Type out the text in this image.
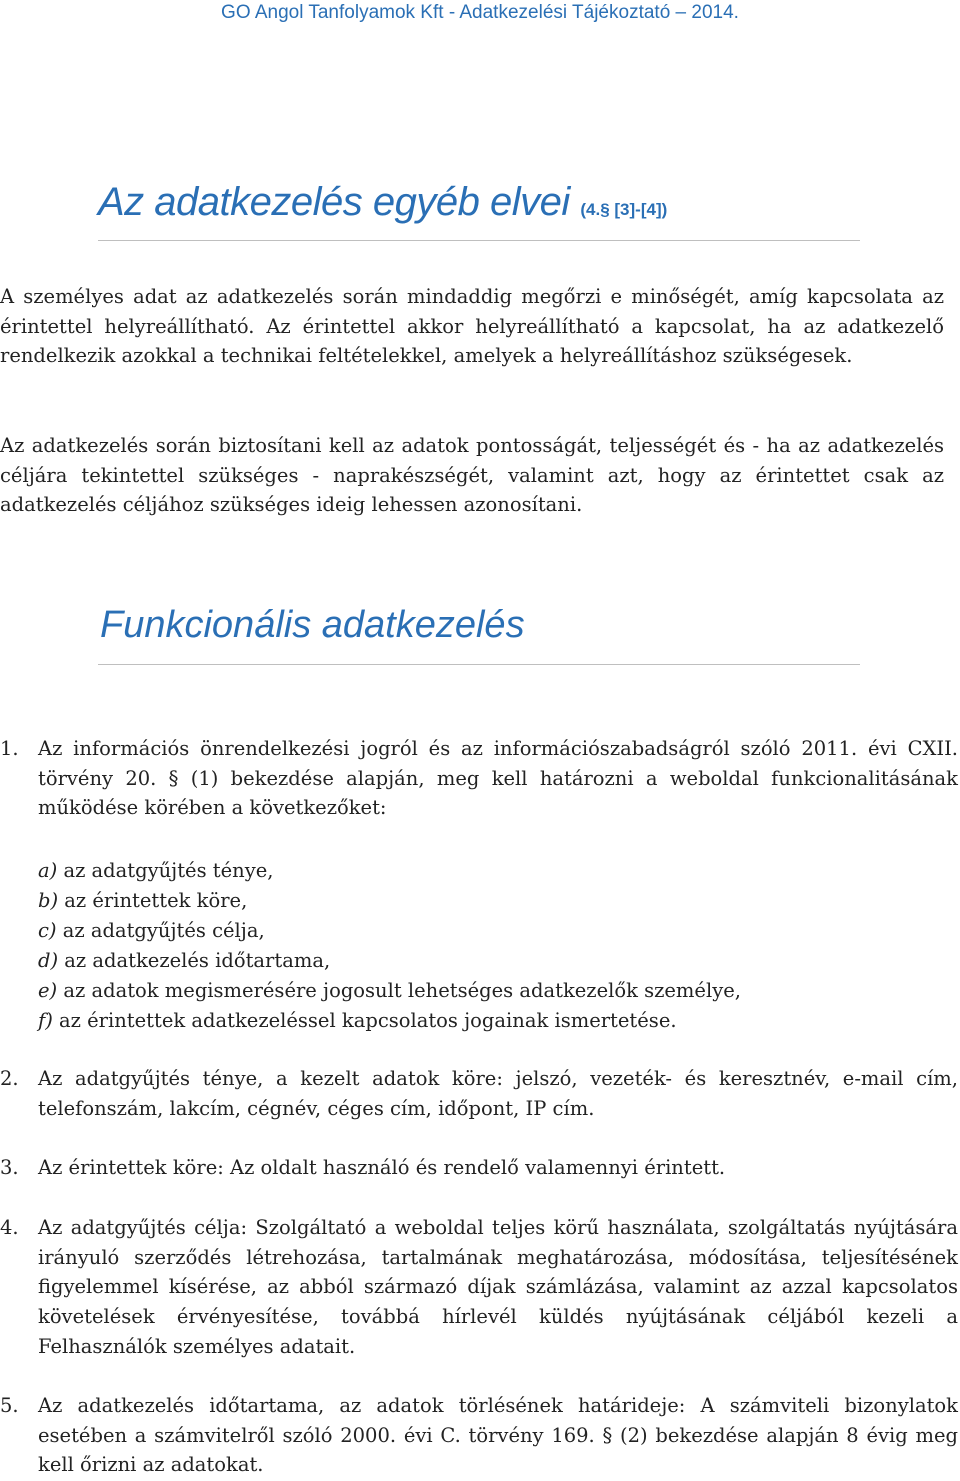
GO Angol Tanfolyamok Kft - Adatkezelési Tájékoztató – 2014.
Az adatkezelés egyéb elvei (4.§ [3]-[4])

A személyes adat az adatkezelés során mindaddig megőrzi e minőségét, amíg kapcsolata az érintettel helyreállítható. Az érintettel akkor helyreállítható a kapcsolat, ha az adatkezelő rendelkezik azokkal a technikai feltételekkel, amelyek a helyreállításhoz szükségesek.

Az adatkezelés során biztosítani kell az adatok pontosságát, teljességét és - ha az adatkezelés céljára tekintettel szükséges - naprakészségét, valamint azt, hogy az érintettet csak az adatkezelés céljához szükséges ideig lehessen azonosítani.

Funkcionális adatkezelés
1. Az információs önrendelkezési jogról és az információszabadságról szóló 2011. évi CXII. törvény 20. § (1) bekezdése alapján, meg kell határozni a weboldal funkcionalitásának működése körében a következőket:

a) az adatgyűjtés ténye,
b) az érintettek köre,
c) az adatgyűjtés célja,
d) az adatkezelés időtartama,
e) az adatok megismerésére jogosult lehetséges adatkezelők személye,
f) az érintettek adatkezeléssel kapcsolatos jogainak ismertetése.
2. Az adatgyűjtés ténye, a kezelt adatok köre: jelszó, vezeték- és keresztnév, e-mail cím, telefonszám, lakcím, cégnév, céges cím, időpont, IP cím.

3. Az érintettek köre: Az oldalt használó és rendelő valamennyi érintett.

4. Az adatgyűjtés célja: Szolgáltató a weboldal teljes körű használata, szolgáltatás nyújtására irányuló szerződés létrehozása, tartalmának meghatározása, módosítása, teljesítésének figyelemmel kísérése, az abból származó díjak számlázása, valamint az azzal kapcsolatos követelések érvényesítése, továbbá hírlevél küldés nyújtásának céljából kezeli a Felhasználók személyes adatait.

5. Az adatkezelés időtartama, az adatok törlésének határideje: A számviteli bizonylatok esetében a számvitelről szóló 2000. évi C. törvény 169. § (2) bekezdése alapján 8 évig meg kell őrizni az adatokat.
